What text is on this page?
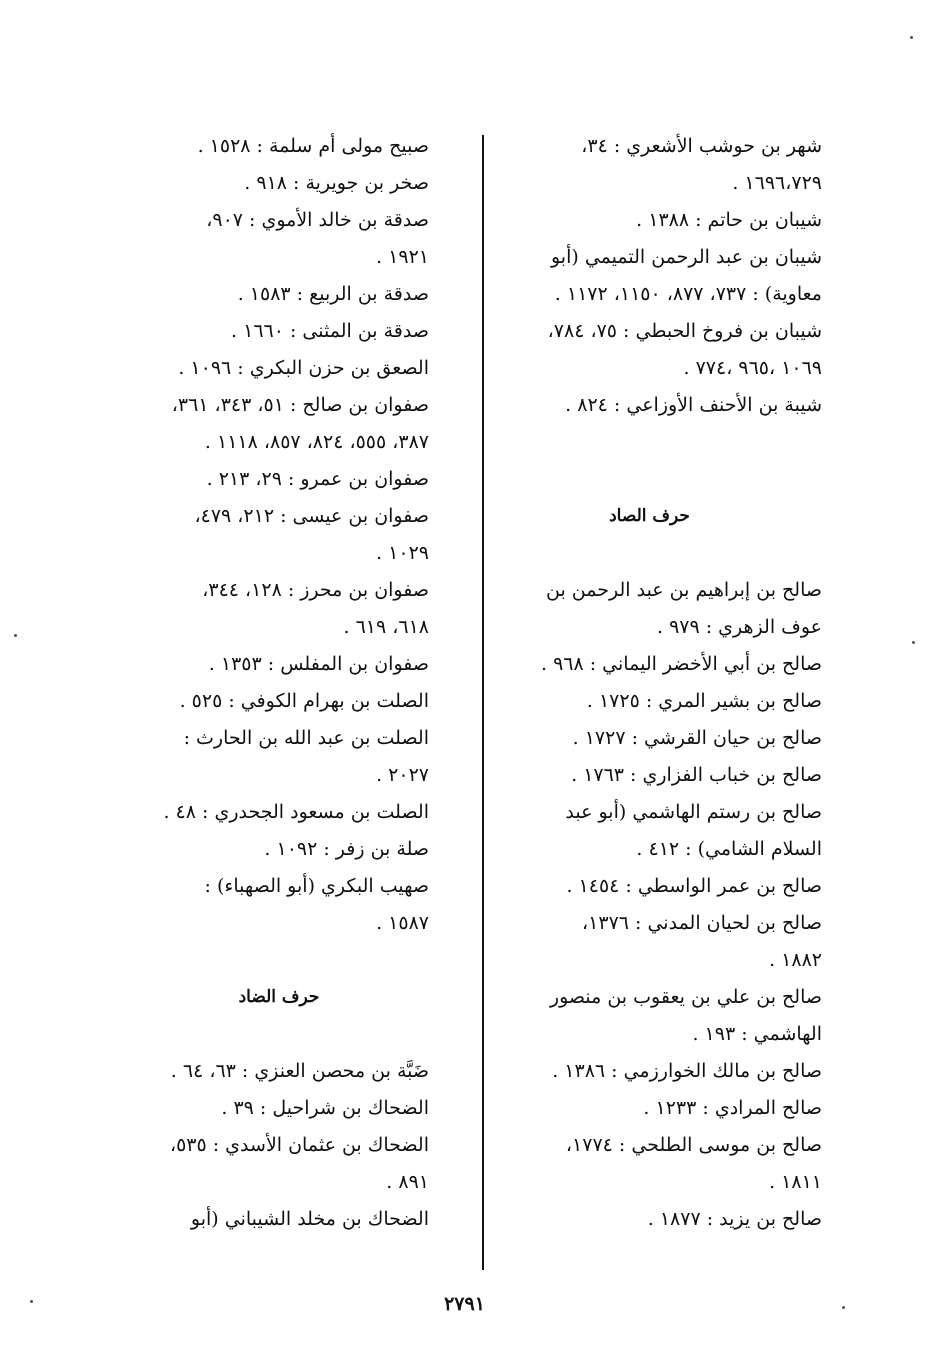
شهر بن حوشب الأشعري : ٣٤،
١٦٩٦،٧٢٩ .
شيبان بن حاتم : ١٣٨٨ .
شيبان بن عبد الرحمن التميمي (أبو
معاوية) : ٧٣٧، ٨٧٧، ١١٥٠، ١١٧٢ .
شيبان بن فروخ الحبطي : ٧٥، ٧٨٤،
١٠٦٩ ،٩٦٥ ،٧٧٤ .
شيبة بن الأحنف الأوزاعي : ٨٢٤ .
حرف الصاد
صالح بن إبراهيم بن عبد الرحمن بن
عوف الزهري : ٩٧٩ .
صالح بن أبي الأخضر اليماني : ٩٦٨ .
صالح بن بشير المري : ١٧٢٥ .
صالح بن حيان القرشي : ١٧٢٧ .
صالح بن خباب الفزاري : ١٧٦٣ .
صالح بن رستم الهاشمي (أبو عبد
السلام الشامي) : ٤١٢ .
صالح بن عمر الواسطي : ١٤٥٤ .
صالح بن لحيان المدني : ١٣٧٦،
١٨٨٢ .
صالح بن علي بن يعقوب بن منصور
الهاشمي : ١٩٣ .
صالح بن مالك الخوارزمي : ١٣٨٦ .
صالح المرادي : ١٢٣٣ .
صالح بن موسى الطلحي : ١٧٧٤،
١٨١١ .
صالح بن يزيد : ١٨٧٧ .
صبيح مولى أم سلمة : ١٥٢٨ .
صخر بن جويرية : ٩١٨ .
صدقة بن خالد الأموي : ٩٠٧،
١٩٢١ .
صدقة بن الربيع : ١٥٨٣ .
صدقة بن المثنى : ١٦٦٠ .
الصعق بن حزن البكري : ١٠٩٦ .
صفوان بن صالح : ٥١، ٣٤٣، ٣٦١،
٣٨٧، ٥٥٥، ٨٢٤، ٨٥٧، ١١١٨ .
صفوان بن عمرو : ٢٩، ٢١٣ .
صفوان بن عيسى : ٢١٢، ٤٧٩،
١٠٢٩ .
صفوان بن محرز : ١٢٨، ٣٤٤،
٦١٨، ٦١٩ .
صفوان بن المفلس : ١٣٥٣ .
الصلت بن بهرام الكوفي : ٥٢٥ .
الصلت بن عبد الله بن الحارث :
٢٠٢٧ .
الصلت بن مسعود الجحدري : ٤٨ .
صلة بن زفر : ١٠٩٢ .
صهيب البكري (أبو الصهباء) :
١٥٨٧ .
حرف الضاد
ضَبَّة بن محصن العنزي : ٦٣، ٦٤ .
الضحاك بن شراحيل : ٣٩ .
الضحاك بن عثمان الأسدي : ٥٣٥،
٨٩١ .
الضحاك بن مخلد الشيباني (أبو
٢٧٩١
